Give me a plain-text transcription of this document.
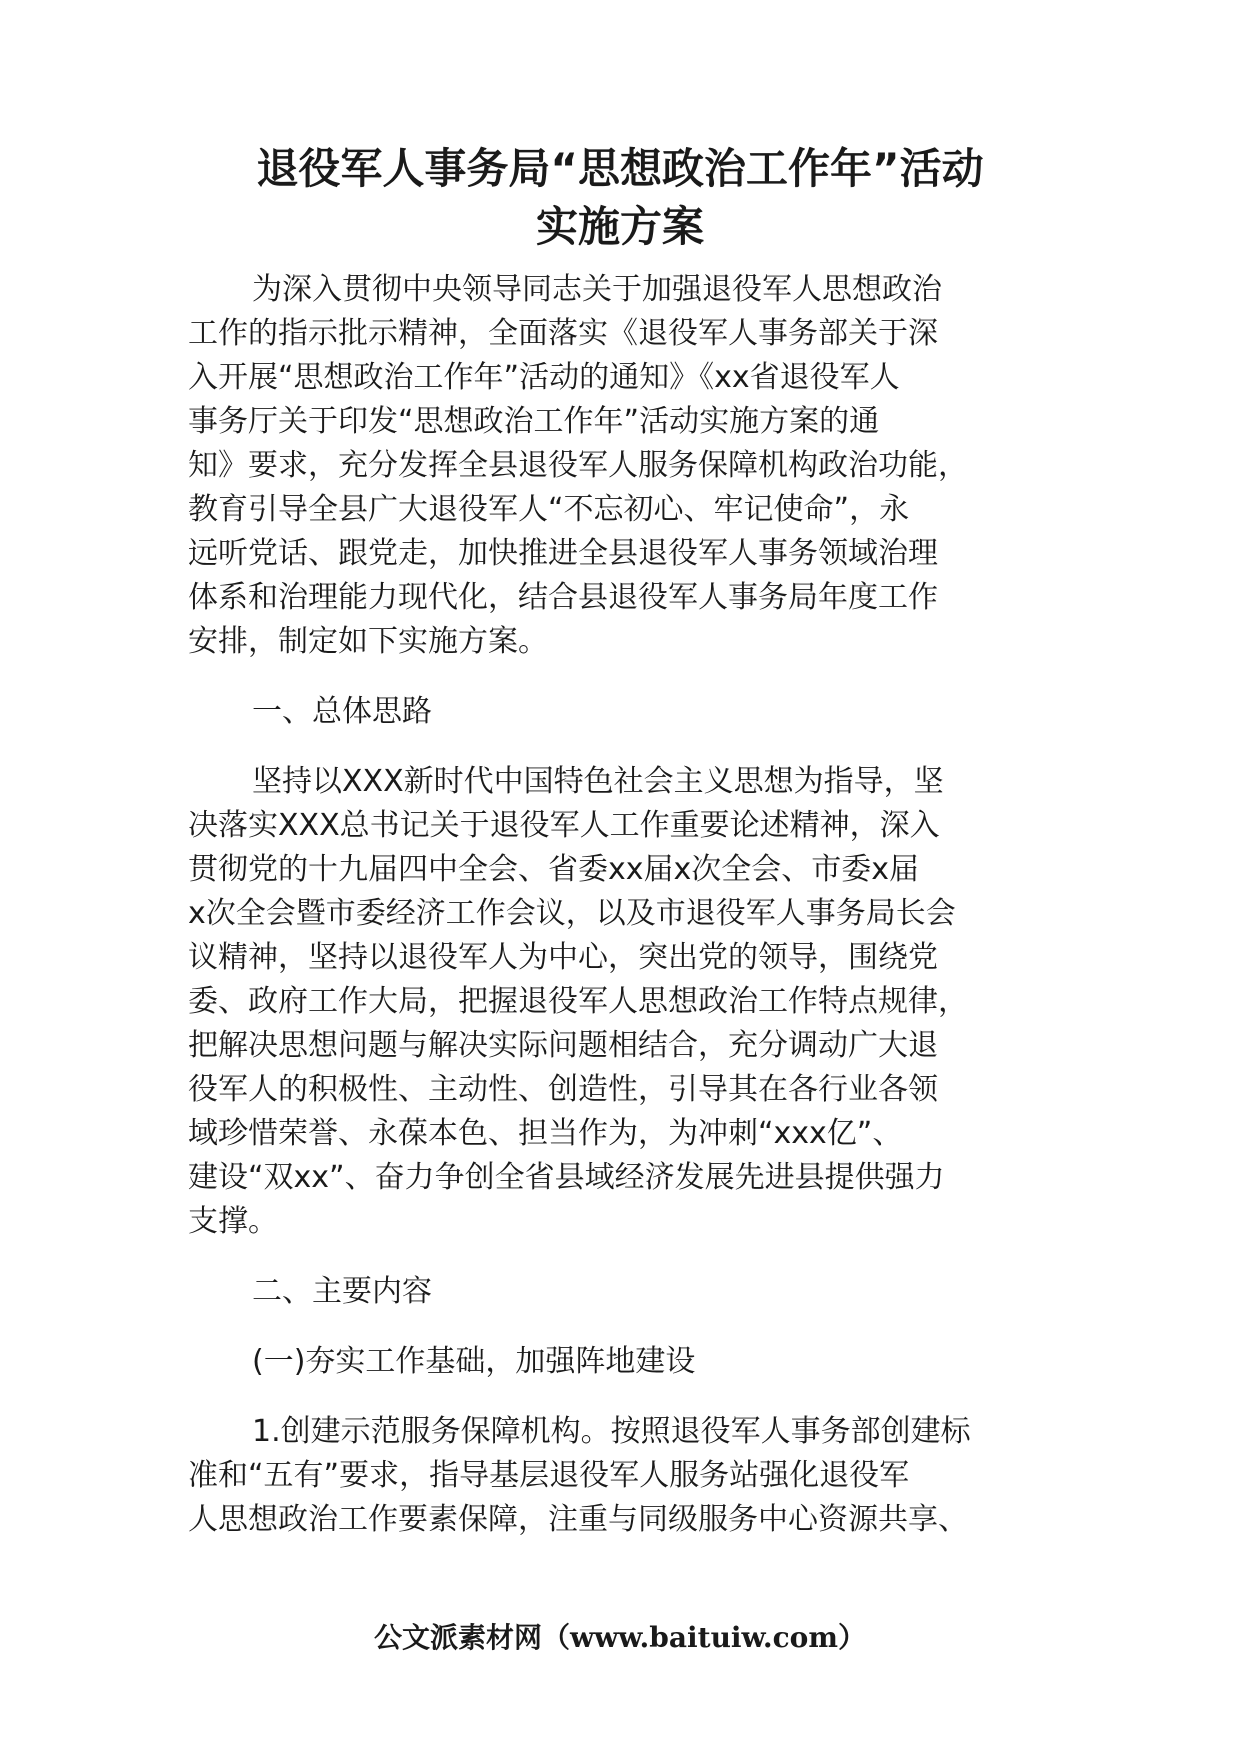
退役军人事务局“思想政治工作年”活动
实施方案
为深入贯彻中央领导同志关于加强退役军人思想政治
工作的指示批示精神，全面落实《退役军人事务部关于深
入开展“思想政治工作年”活动的通知》《xx省退役军人
事务厅关于印发“思想政治工作年”活动实施方案的通
知》要求，充分发挥全县退役军人服务保障机构政治功能，
教育引导全县广大退役军人“不忘初心、牢记使命”，永
远听党话、跟党走，加快推进全县退役军人事务领域治理
体系和治理能力现代化，结合县退役军人事务局年度工作
安排，制定如下实施方案。
一、总体思路
坚持以XXX新时代中国特色社会主义思想为指导，坚
决落实XXX总书记关于退役军人工作重要论述精神，深入
贯彻党的十九届四中全会、省委xx届x次全会、市委x届
x次全会暨市委经济工作会议，以及市退役军人事务局长会
议精神，坚持以退役军人为中心，突出党的领导，围绕党
委、政府工作大局，把握退役军人思想政治工作特点规律，
把解决思想问题与解决实际问题相结合，充分调动广大退
役军人的积极性、主动性、创造性，引导其在各行业各领
域珍惜荣誉、永葆本色、担当作为，为冲刺“xxx亿”、
建设“双xx”、奋力争创全省县域经济发展先进县提供强力
支撑。
二、主要内容
(一)夯实工作基础，加强阵地建设
1.创建示范服务保障机构。按照退役军人事务部创建标
准和“五有”要求，指导基层退役军人服务站强化退役军
人思想政治工作要素保障，注重与同级服务中心资源共享、
公文派素材网（www.baituiw.com）
